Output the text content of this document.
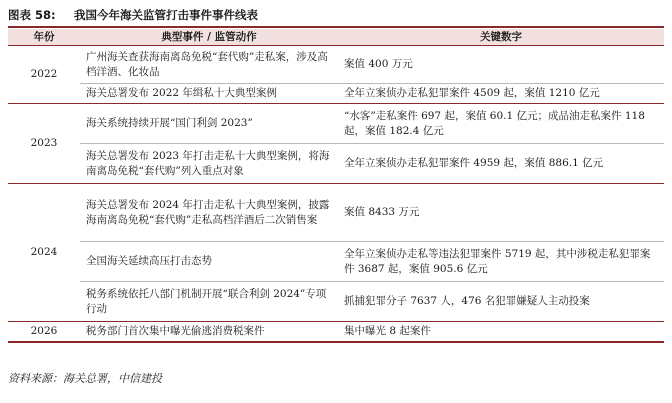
图表 58: 我国今年海关监管打击事件事件线表
年份	典型事件 / 监管动作	关键数字
2022	广州海关查获海南离岛免税“套代购”走私案，涉及高档洋酒、化妆品	案值 400 万元
	海关总署发布 2022 年缉私十大典型案例	全年立案侦办走私犯罪案件 4509 起，案值 1210 亿元
2023	海关系统持续开展“国门利剑 2023”	“水客”走私案件 697 起，案值 60.1 亿元；成品油走私案件 118 起，案值 182.4 亿元
	海关总署发布 2023 年打击走私十大典型案例，将海南离岛免税“套代购”列入重点对象	全年立案侦办走私犯罪案件 4959 起，案值 886.1 亿元
2024	海关总署发布 2024 年打击走私十大典型案例，披露海南离岛免税“套代购”走私高档洋酒后二次销售案	案值 8433 万元
	全国海关延续高压打击态势	全年立案侦办走私等违法犯罪案件 5719 起，其中涉税走私犯罪案件 3687 起，案值 905.6 亿元
	税务系统依托八部门机制开展“联合利剑 2024”专项行动	抓捕犯罪分子 7637 人，476 名犯罪嫌疑人主动投案
2026	税务部门首次集中曝光偷逃消费税案件	集中曝光 8 起案件
资料来源：海关总署，中信建投
